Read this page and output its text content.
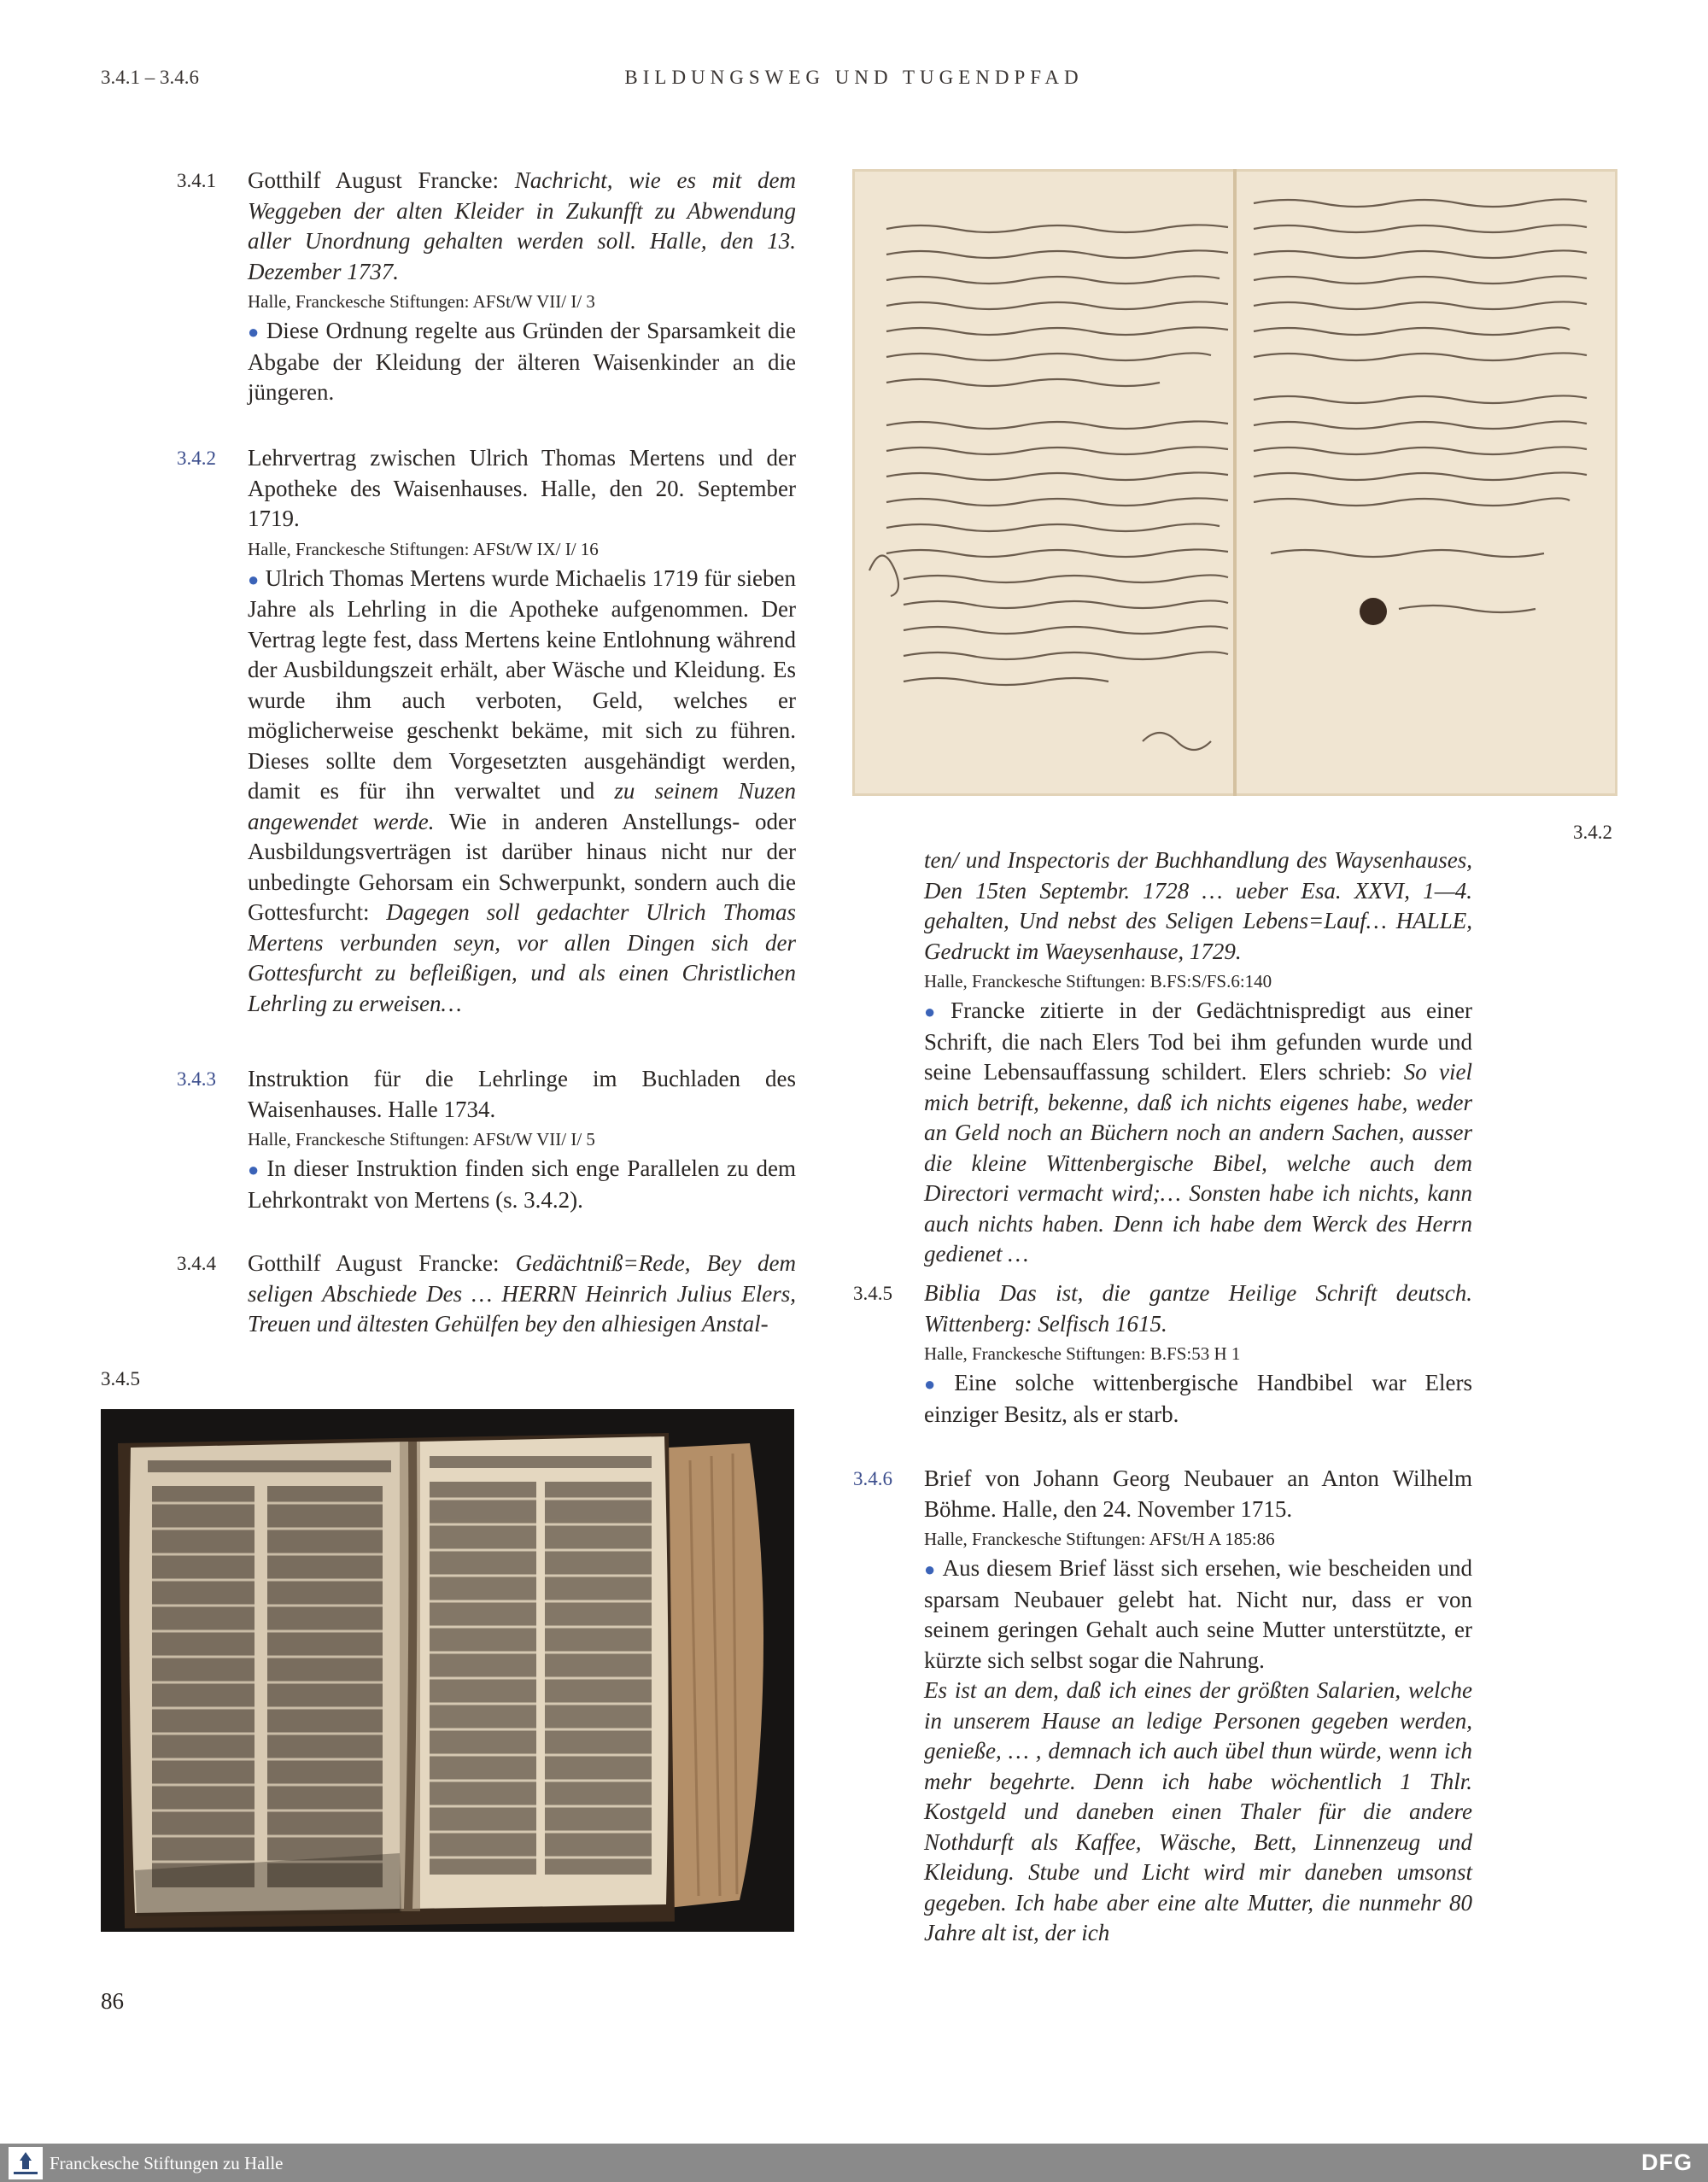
3.4.1 – 3.4.6	BILDUNGSWEG UND TUGENDPFAD
3.4.1 Gotthilf August Francke: Nachricht, wie es mit dem Weggeben der alten Kleider in Zukunfft zu Abwendung aller Unordnung gehalten werden soll. Halle, den 13. Dezember 1737.

Halle, Franckesche Stiftungen: AFSt/W VII/ I/ 3

● Diese Ordnung regelte aus Gründen der Sparsamkeit die Abgabe der Kleidung der älteren Waisenkinder an die jüngeren.

3.4.2 Lehrvertrag zwischen Ulrich Thomas Mertens und der Apotheke des Waisenhauses. Halle, den 20. September 1719.

Halle, Franckesche Stiftungen: AFSt/W IX/ I/ 16

● Ulrich Thomas Mertens wurde Michaelis 1719 für sieben Jahre als Lehrling in die Apotheke aufgenommen. Der Vertrag legte fest, dass Mertens keine Entlohnung während der Ausbildungszeit erhält, aber Wäsche und Kleidung. Es wurde ihm auch verboten, Geld, welches er möglicherweise geschenkt bekäme, mit sich zu führen. Dieses sollte dem Vorgesetzten ausgehändigt werden, damit es für ihn verwaltet und zu seinem Nuzen angewendet werde. Wie in anderen Anstellungs- oder Ausbildungsverträgen ist darüber hinaus nicht nur der unbedingte Gehorsam ein Schwerpunkt, sondern auch die Gottesfurcht: Dagegen soll gedachter Ulrich Thomas Mertens verbunden seyn, vor allen Dingen sich der Gottesfurcht zu befleißigen, und als einen Christlichen Lehrling zu erweisen…

3.4.3 Instruktion für die Lehrlinge im Buchladen des Waisenhauses. Halle 1734.

Halle, Franckesche Stiftungen: AFSt/W VII/ I/ 5

● In dieser Instruktion finden sich enge Parallelen zu dem Lehrkontrakt von Mertens (s. 3.4.2).

3.4.4 Gotthilf August Francke: Gedächtniß=Rede, Bey dem seligen Abschiede Des … HERRN Heinrich Julius Elers, Treuen und ältesten Gehülfen bey den alhiesigen Anstal-

3.4.5
86
3.4.2

ten/ und Inspectoris der Buchhandlung des Waysenhauses, Den 15ten Septembr. 1728 … ueber Esa. XXVI, 1—4. gehalten, Und nebst des Seligen Lebens=Lauf… HALLE, Gedruckt im Waeysenhause, 1729.

Halle, Franckesche Stiftungen: B.FS:S/FS.6:140

● Francke zitierte in der Gedächtnispredigt aus einer Schrift, die nach Elers Tod bei ihm gefunden wurde und seine Lebensauffassung schildert. Elers schrieb: So viel mich betrift, bekenne, daß ich nichts eigenes habe, weder an Geld noch an Büchern noch an andern Sachen, ausser die kleine Wittenbergische Bibel, welche auch dem Directori vermacht wird;… Sonsten habe ich nichts, kann auch nichts haben. Denn ich habe dem Werck des Herrn gedienet …

3.4.5 Biblia Das ist, die gantze Heilige Schrift deutsch. Wittenberg: Selfisch 1615.

Halle, Franckesche Stiftungen: B.FS:53 H 1

● Eine solche wittenbergische Handbibel war Elers einziger Besitz, als er starb.

3.4.6 Brief von Johann Georg Neubauer an Anton Wilhelm Böhme. Halle, den 24. November 1715.

Halle, Franckesche Stiftungen: AFSt/H A 185:86

● Aus diesem Brief lässt sich ersehen, wie bescheiden und sparsam Neubauer gelebt hat. Nicht nur, dass er von seinem geringen Gehalt auch seine Mutter unterstützte, er kürzte sich selbst sogar die Nahrung.

Es ist an dem, daß ich eines der größten Salarien, welche in unserem Hause an ledige Personen gegeben werden, genieße, … , demnach ich auch übel thun würde, wenn ich mehr begehrte. Denn ich habe wöchentlich 1 Thlr. Kostgeld und daneben einen Thaler für die andere Nothdurft als Kaffee, Wäsche, Bett, Linnenzeug und Kleidung. Stube und Licht wird mir daneben umsonst gegeben. Ich habe aber eine alte Mutter, die nunmehr 80 Jahre alt ist, der ich

Franckesche Stiftungen zu Halle	DFG
